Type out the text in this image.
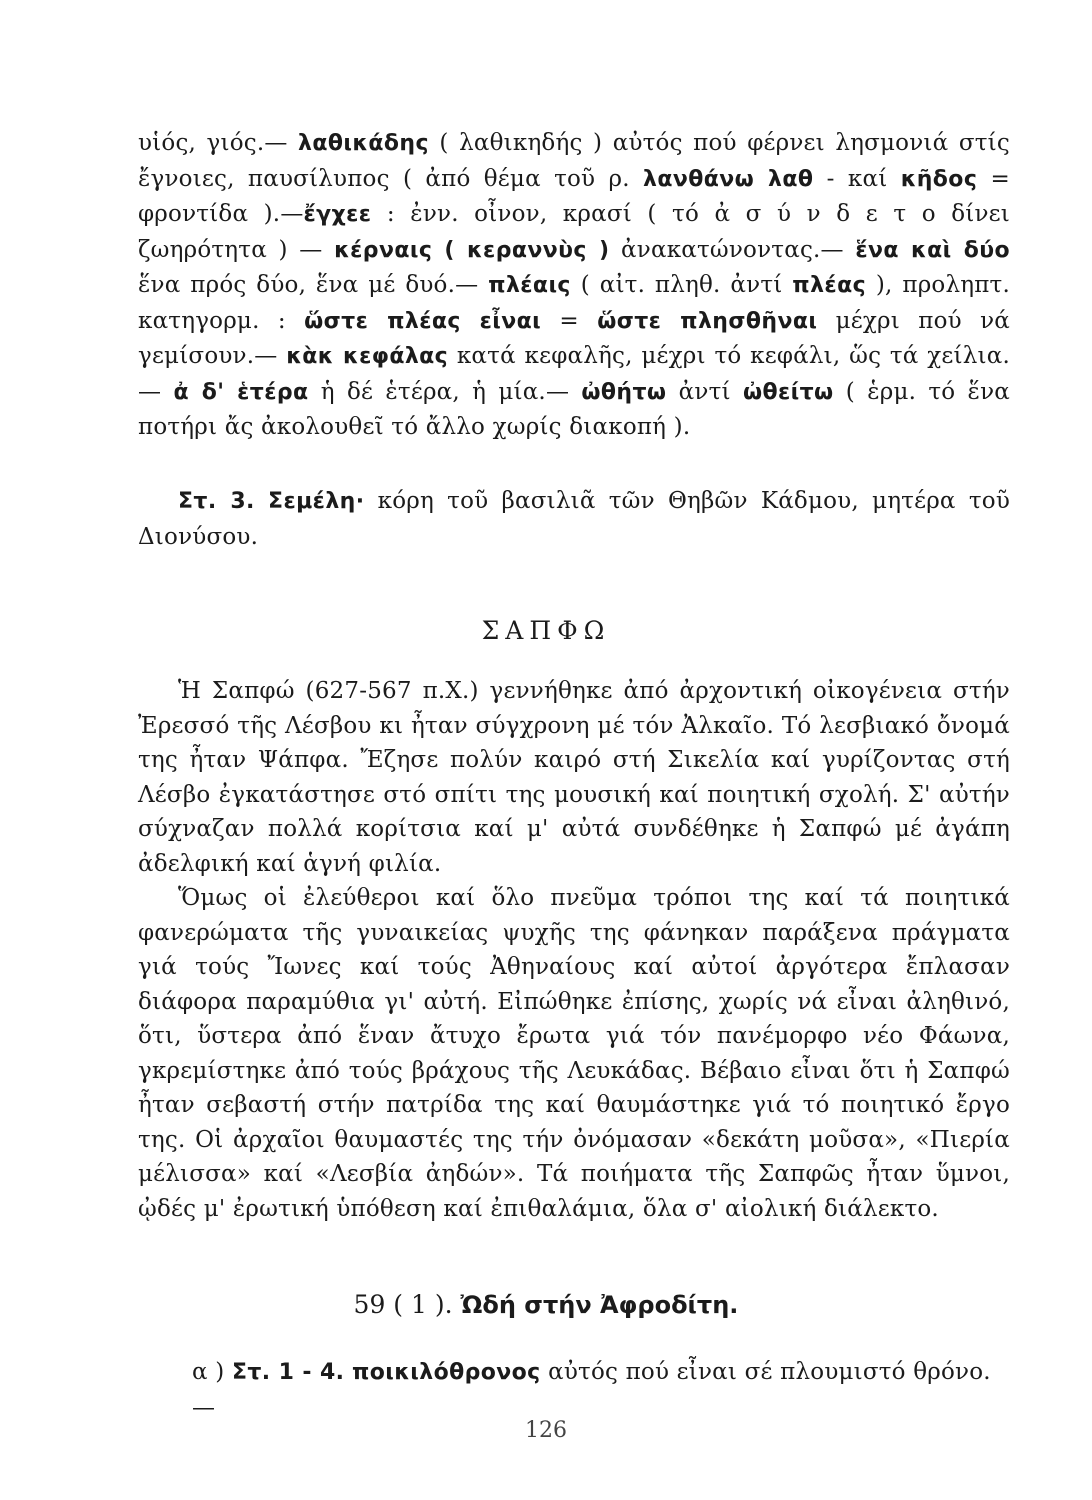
υἱός, γιός.— λαθικάδης ( λαθικηδής ) αὐτός πού φέρνει λησμονιά στίς ἔγνοιες, παυσίλυπος ( ἀπό θέμα τοῦ ρ. λανθάνω λαθ - καί κῆδος = φροντίδα ).—ἔγχεε : ἐνν. οἶνον, κρασί ( τό ἀ σ ύ ν δ ε τ ο δίνει ζωηρότητα ) — κέρναις ( κεραννὺς ) ἀνακατώνοντας.— ἕνα καὶ δύο ἕνα πρός δύο, ἕνα μέ δυό.— πλέαις ( αἰτ. πληθ. ἀντί πλέας ), προληπτ. κατηγορμ. : ὥστε πλέας εἶναι = ὥστε πλησθῆναι μέχρι πού νά γεμίσουν.— κὰκ κεφάλας κατά κεφαλῆς, μέχρι τό κεφάλι, ὥς τά χείλια.— ἀ δ' ἑτέρα ἡ δέ ἑτέρα, ἡ μία.— ὠθήτω ἀντί ὠθείτω ( ἑρμ. τό ἕνα ποτήρι ἄς ἀκολουθεῖ τό ἄλλο χωρίς διακοπή ).

Στ. 3. Σεμέλη· κόρη τοῦ βασιλιᾶ τῶν Θηβῶν Κάδμου, μητέρα τοῦ Διονύσου.

ΣΑΠΦΩ

Ἡ Σαπφώ (627-567 π.Χ.) γεννήθηκε ἀπό ἀρχοντική οἰκογένεια στήν Ἐρεσσό τῆς Λέσβου κι ἦταν σύγχρονη μέ τόν Ἀλκαῖο. Τό λεσβιακό ὄνομά της ἦταν Ψάπφα. Ἔζησε πολύν καιρό στή Σικελία καί γυρίζοντας στή Λέσβο ἐγκατάστησε στό σπίτι της μουσική καί ποιητική σχολή. Σ' αὐτήν σύχναζαν πολλά κορίτσια καί μ' αὐτά συνδέθηκε ἡ Σαπφώ μέ ἀγάπη ἀδελφική καί ἁγνή φιλία.

Ὅμως οἱ ἐλεύθεροι καί ὅλο πνεῦμα τρόποι της καί τά ποιητικά φανερώματα τῆς γυναικείας ψυχῆς της φάνηκαν παράξενα πράγματα γιά τούς Ἴωνες καί τούς Ἀθηναίους καί αὐτοί ἀργότερα ἔπλασαν διάφορα παραμύθια γι' αὐτή. Εἰπώθηκε ἐπίσης, χωρίς νά εἶναι ἀληθινό, ὅτι, ὕστερα ἀπό ἕναν ἄτυχο ἔρωτα γιά τόν πανέμορφο νέο Φάωνα, γκρεμίστηκε ἀπό τούς βράχους τῆς Λευκάδας. Βέβαιο εἶναι ὅτι ἡ Σαπφώ ἦταν σεβαστή στήν πατρίδα της καί θαυμάστηκε γιά τό ποιητικό ἔργο της. Οἱ ἀρχαῖοι θαυμαστές της τήν ὀνόμασαν «δεκάτη μοῦσα», «Πιερία μέλισσα» καί «Λεσβία ἀηδών». Τά ποιήματα τῆς Σαπφῶς ἦταν ὕμνοι, ᾠδές μ' ἐρωτική ὑπόθεση καί ἐπιθαλάμια, ὅλα σ' αἰολική διάλεκτο.

59 ( 1 ). Ὠδή στήν Ἀφροδίτη.

α ) Στ. 1 - 4. ποικιλόθρονος αὐτός πού εἶναι σέ πλουμιστό θρόνο.—

126
